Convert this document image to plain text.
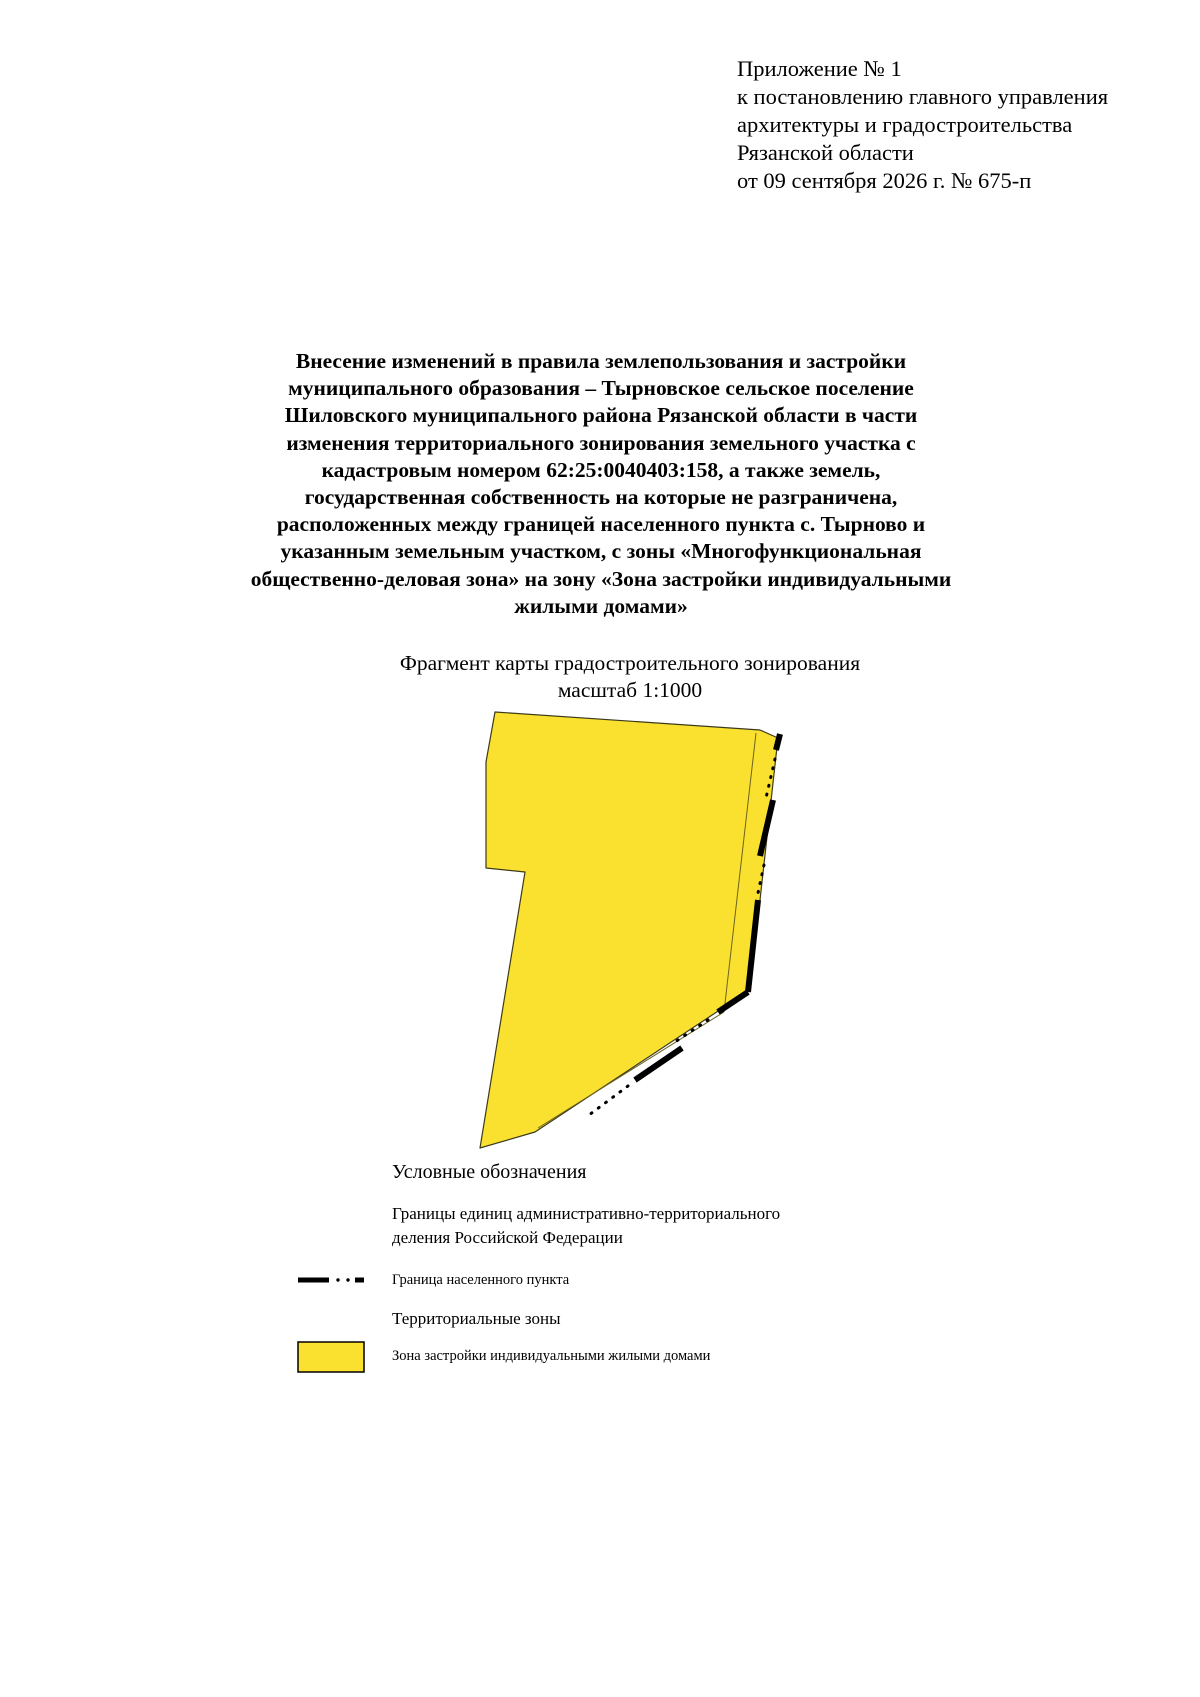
Приложение № 1
к постановлению главного управления
архитектуры и градостроительства
Рязанской области
от 09 сентября 2026 г. № 675-п
Внесение изменений в правила землепользования и застройки
муниципального образования – Тырновское сельское поселение
Шиловского муниципального района Рязанской области в части
изменения территориального зонирования земельного участка с
кадастровым номером 62:25:0040403:158, а также земель,
государственная собственность на которые не разграничена,
расположенных между границей населенного пункта с. Тырново и
указанным земельным участком, с зоны «Многофункциональная
общественно-деловая зона» на зону «Зона застройки индивидуальными
жилыми домами»
Фрагмент карты градостроительного зонирования
масштаб 1:1000
Условные обозначения
Границы единиц административно-территориального
деления Российской Федерации
Граница населенного пункта
Территориальные зоны
Зона застройки индивидуальными жилыми домами
